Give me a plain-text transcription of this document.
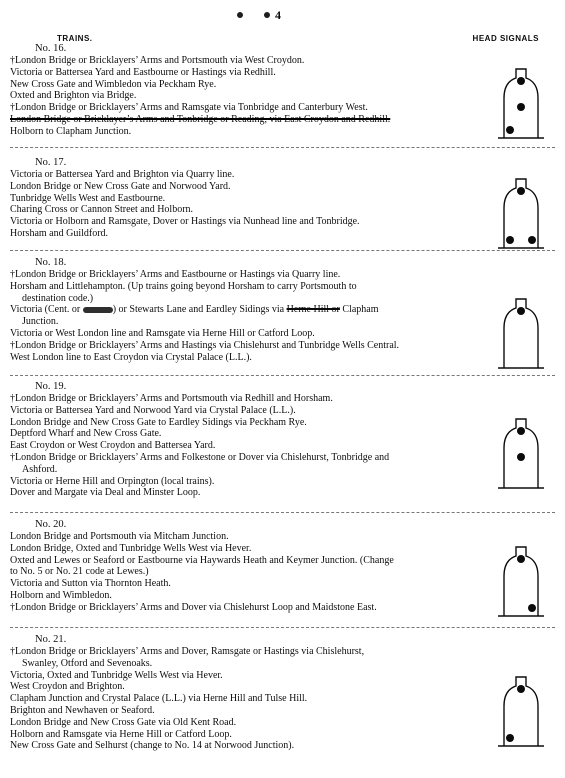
4
TRAINS.	HEAD SIGNALS
No. 16.
†London Bridge or Bricklayers’ Arms and Portsmouth via West Croydon.
Victoria or Battersea Yard and Eastbourne or Hastings via Redhill.
New Cross Gate and Wimbledon via Peckham Rye.
Oxted and Brighton via Bridge.
†London Bridge or Bricklayers’ Arms and Ramsgate via Tonbridge and Canterbury West.
London Bridge or Bricklayer’s Arms and Tonbridge or Reading, via East Croydon and Redhill.
Holborn to Clapham Junction.
No. 17.
Victoria or Battersea Yard and Brighton via Quarry line.
London Bridge or New Cross Gate and Norwood Yard.
Tunbridge Wells West and Eastbourne.
Charing Cross or Cannon Street and Holborn.
Victoria or Holborn and Ramsgate, Dover or Hastings via Nunhead line and Tonbridge.
Horsham and Guildford.
No. 18.
†London Bridge or Bricklayers’ Arms and Eastbourne or Hastings via Quarry line.
Horsham and Littlehampton. (Up trains going beyond Horsham to carry Portsmouth to
destination code.)
Victoria (Cent. or	) or Stewarts Lane and Eardley Sidings via Herne Hill or Clapham
Junction.
Victoria or West London line and Ramsgate via Herne Hill or Catford Loop.
†London Bridge or Bricklayers’ Arms and Hastings via Chislehurst and Tunbridge Wells Central.
West London line to East Croydon via Crystal Palace (L.L.).
No. 19.
†London Bridge or Bricklayers’ Arms and Portsmouth via Redhill and Horsham.
Victoria or Battersea Yard and Norwood Yard via Crystal Palace (L.L.).
London Bridge and New Cross Gate to Eardley Sidings via Peckham Rye.
Deptford Wharf and New Cross Gate.
East Croydon or West Croydon and Battersea Yard.
†London Bridge or Bricklayers’ Arms and Folkestone or Dover via Chislehurst, Tonbridge and
Ashford.
Victoria or Herne Hill and Orpington (local trains).
Dover and Margate via Deal and Minster Loop.
No. 20.
London Bridge and Portsmouth via Mitcham Junction.
London Bridge, Oxted and Tunbridge Wells West via Hever.
Oxted and Lewes or Seaford or Eastbourne via Haywards Heath and Keymer Junction. (Change
to No. 5 or No. 21 code at Lewes.)
Victoria and Sutton via Thornton Heath.
Holborn and Wimbledon.
†London Bridge or Bricklayers’ Arms and Dover via Chislehurst Loop and Maidstone East.
No. 21.
†London Bridge or Bricklayers’ Arms and Dover, Ramsgate or Hastings via Chislehurst,
Swanley, Otford and Sevenoaks.
Victoria, Oxted and Tunbridge Wells West via Hever.
West Croydon and Brighton.
Clapham Junction and Crystal Palace (L.L.) via Herne Hill and Tulse Hill.
Brighton and Newhaven or Seaford.
London Bridge and New Cross Gate via Old Kent Road.
Holborn and Ramsgate via Herne Hill or Catford Loop.
New Cross Gate and Selhurst (change to No. 14 at Norwood Junction).
